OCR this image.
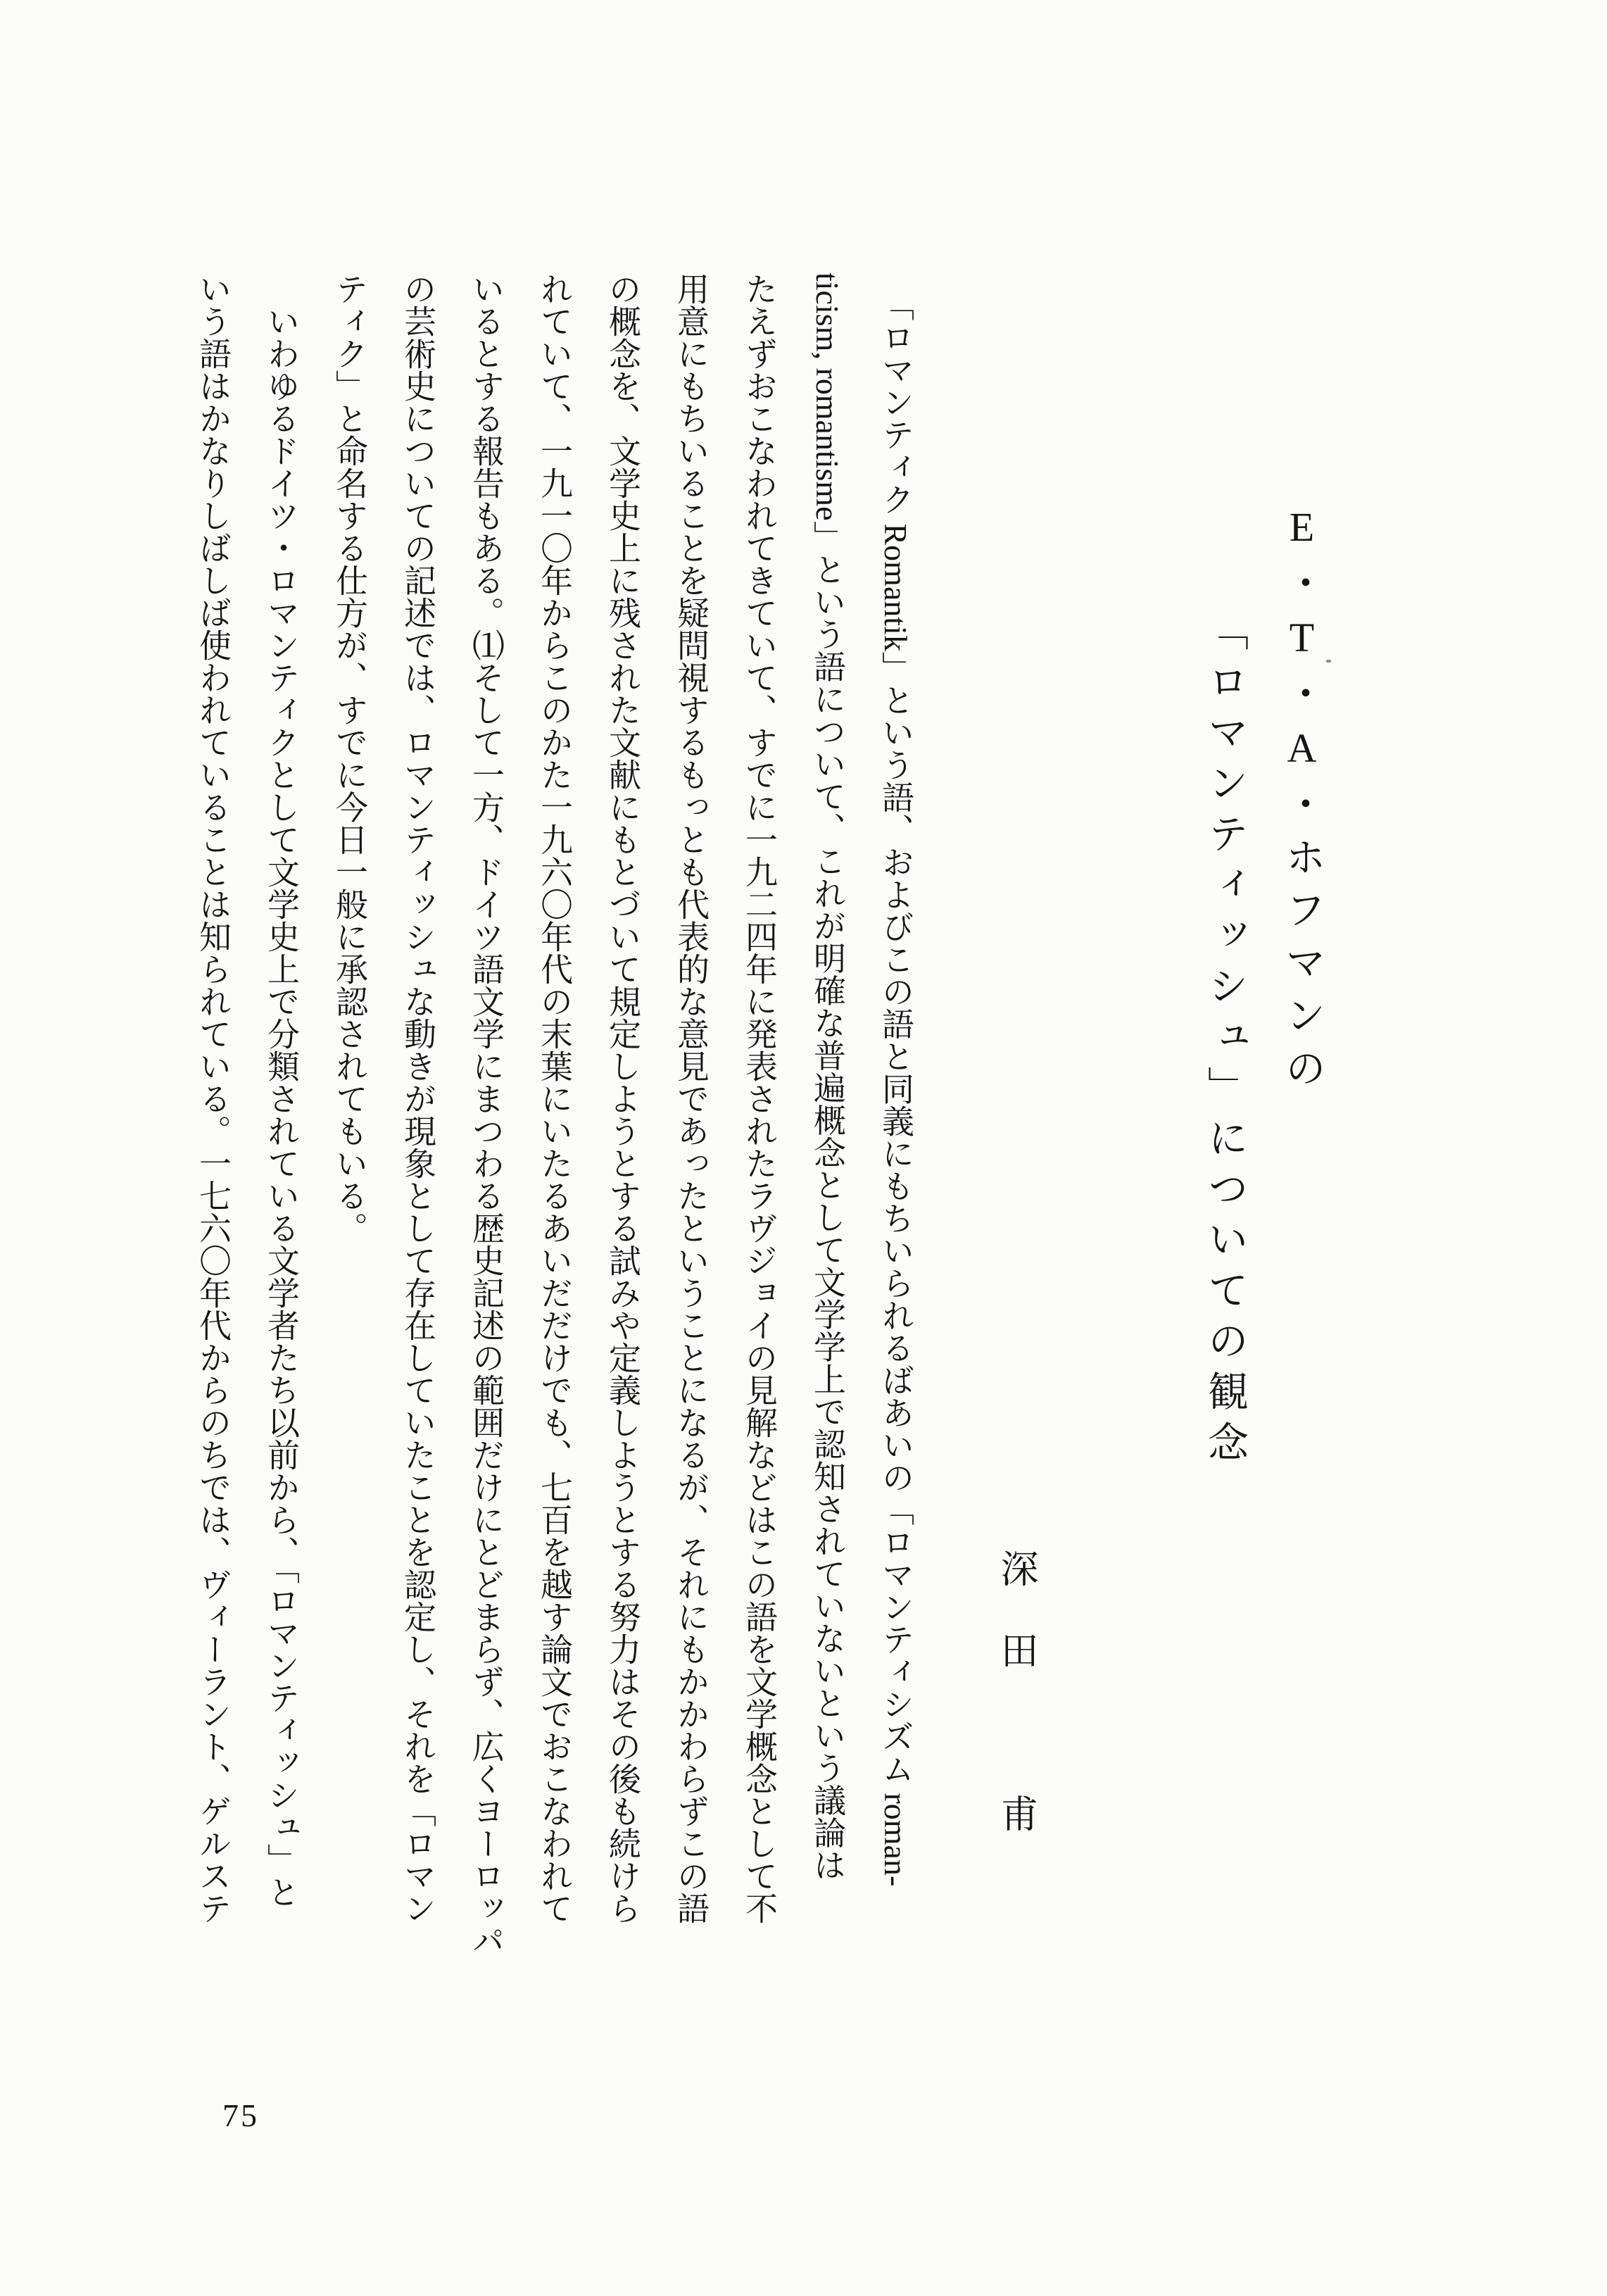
E・T・A・ホフマンの
「ロマンティッシュ」についての観念
深田　甫
　「ロマンティク Romantik」という語、およびこの語と同義にもちいられるばあいの「ロマンティシズム roman-
ticism, romantisme」という語について、これが明確な普遍概念として文学学上で認知されていないという議論は
たえずおこなわれてきていて、すでに一九二四年に発表されたラヴジョイの見解などはこの語を文学概念として不
用意にもちいることを疑問視するもっとも代表的な意見であったということになるが、それにもかかわらずこの語
の概念を、文学史上に残された文献にもとづいて規定しようとする試みや定義しようとする努力はその後も続けら
れていて、一九一〇年からこのかた一九六〇年代の末葉にいたるあいだだけでも、七百を越す論文でおこなわれて
いるとする報告もある。⑴そして一方、ドイツ語文学にまつわる歴史記述の範囲だけにとどまらず、広くヨーロッパ
の芸術史についての記述では、ロマンティッシュな動きが現象として存在していたことを認定し、それを「ロマン
ティク」と命名する仕方が、すでに今日一般に承認されてもいる。
　いわゆるドイツ・ロマンティクとして文学史上で分類されている文学者たち以前から、「ロマンティッシュ」と
いう語はかなりしばしば使われていることは知られている。一七六〇年代からのちでは、ヴィーラント、ゲルステ
75
